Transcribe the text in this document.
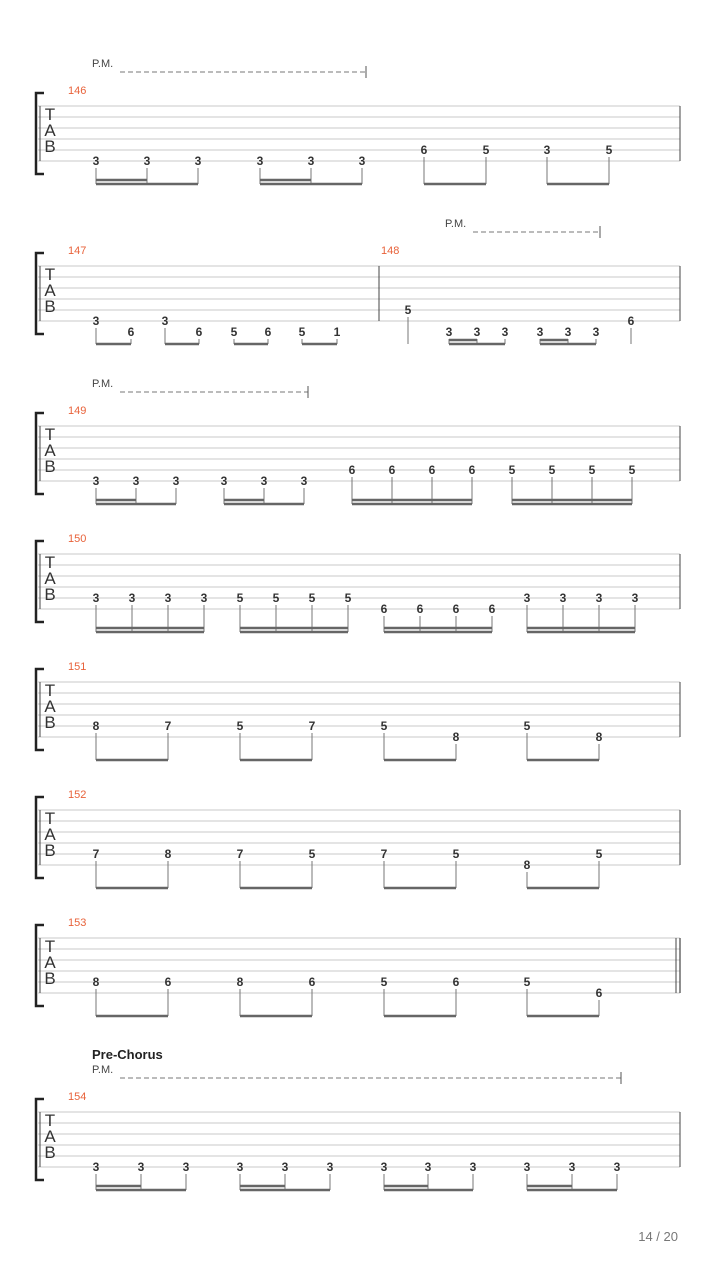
P.M.
T
A
B
146
3	3	3	3	3	3
6	5	3	5
P.M.
T
A
B
147	148
3
6
3
6 5 6 5 1
5
3 3 3 3 3 3
6
P.M.
T
A
B
149
3	3	3	3	3	3
6	6	6	6	5	5	5	5
T
A
B
150
3 3 3 3 5 5 5 5
6 6 6 6
3 3 3 3
T
A
B
151
8	7	5	7	5
8
5
8
T
A
B
152
7	8	7	5	7	5
8
5
T
A
B
153
8	6	8	6	5	6	5
6
Pre-Chorus
P.M.
T
A
B
154
3	3	3	3	3	3	3	3	3	3	3	3
14 / 20
